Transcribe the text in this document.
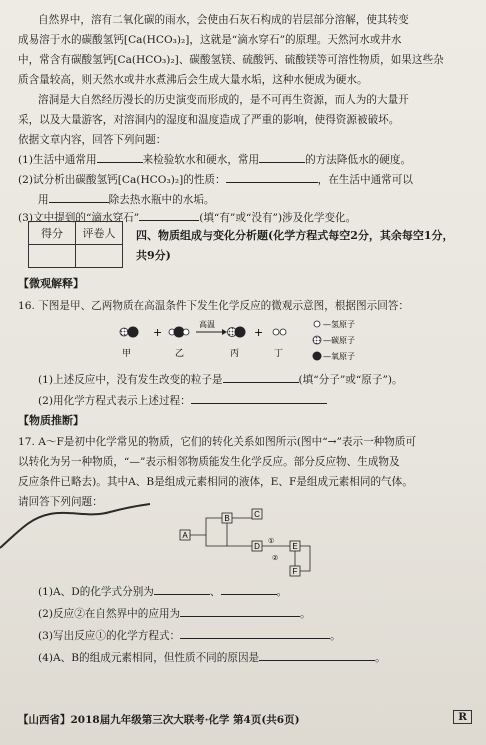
自然界中，溶有二氧化碳的雨水，会使由石灰石构成的岩层部分溶解，使其转变
成易溶于水的碳酸氢钙[Ca(HCO₃)₂]，这就是“滴水穿石”的原理。天然河水或井水
中，常含有碳酸氢钙[Ca(HCO₃)₂]、碳酸氢镁、硫酸钙、硫酸镁等可溶性物质，如果这些杂
质含量较高，则天然水或井水煮沸后会生成大量水垢，这种水便成为硬水。
溶洞是大自然经历漫长的历史演变而形成的，是不可再生资源，而人为的大量开
采，以及大量游客，对溶洞内的湿度和温度造成了严重的影响，使得资源被破坏。
依据文章内容，回答下列问题：
(1)生活中通常用	来检验软水和硬水，常用	的方法降低水的硬度。
(2)试分析出碳酸氢钙[Ca(HCO₃)₂]的性质：	，在生活中通常可以
用	除去热水瓶中的水垢。
(3)文中提到的“滴水穿石”	(填“有”或“没有”)涉及化学变化。
得分	评卷人
	四、物质组成与变化分析题(化学方程式每空2分，其余每空1分，
共9分)
【微观解释】
16. 下图是甲、乙两物质在高温条件下发生化学反应的微观示意图，根据图示回答：
+
高温
+
甲	乙	丙	丁
—氢原子
—碳原子
—氧原子
(1)上述反应中，没有发生改变的粒子是	(填“分子”或“原子”)。
(2)用化学方程式表示上述过程：
【物质推断】
17. A～F是初中化学常见的物质，它们的转化关系如图所示(图中“→”表示一种物质可
以转化为另一种物质，“—”表示相邻物质能发生化学反应。部分反应物、生成物及
反应条件已略去)。其中A、B是组成元素相同的液体，E、F是组成元素相同的气体。
请回答下列问题：
A
B	C
D	E
F
①
②
(1)A、D的化学式分别为	、	。
(2)反应②在自然界中的应用为	。
(3)写出反应①的化学方程式：	。
(4)A、B的组成元素相同，但性质不同的原因是	。
【山西省】2018届九年级第三次大联考·化学 第4页(共6页)	R
